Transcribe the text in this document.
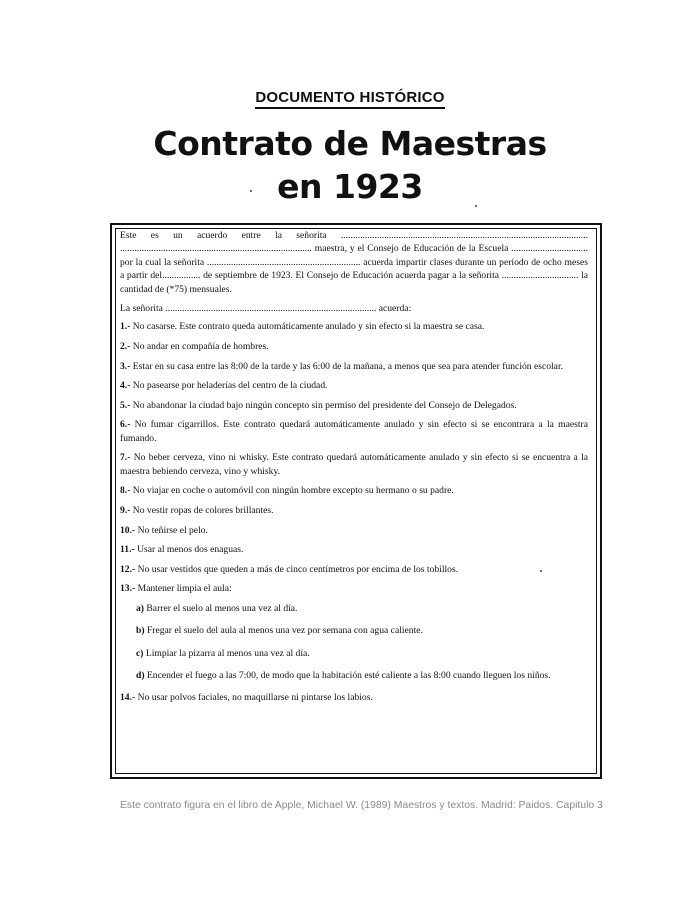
DOCUMENTO HISTÓRICO
Contrato de Maestras
en 1923

Este es un acuerdo entre la señorita ....................................................................................................... ................................................................................ maestra, y el Consejo de Educación de la Escuela ................................ por la cual la señorita ................................................................ acuerda impartir clases durante un período de ocho meses a partir del................ de septiembre de 1923. El Consejo de Educación acuerda pagar a la señorita ................................ la cantidad de (*75) mensuales.

La señorita ........................................................................................ acuerda:

1.- No casarse. Este contrato queda automáticamente anulado y sin efecto si la maestra se casa.
2.- No andar en compañía de hombres.
3.- Estar en su casa entre las 8:00 de la tarde y las 6:00 de la mañana, a menos que sea para atender función escolar.
4.- No pasearse por heladerías del centro de la ciudad.
5.- No abandonar la ciudad bajo ningún concepto sin permiso del presidente del Consejo de Delegados.
6.- No fumar cigarrillos. Este contrato quedará automáticamente anulado y sin efecto si se encontrara a la maestra fumando.
7.- No beber cerveza, vino ni whisky. Este contrato quedará automáticamente anulado y sin efecto si se encuentra a la maestra bebiendo cerveza, vino y whisky.
8.- No viajar en coche o automóvil con ningún hombre excepto su hermano o su padre.
9.- No vestir ropas de colores brillantes.
10.- No teñirse el pelo.
11.- Usar al menos dos enaguas.
12.- No usar vestidos que queden a más de cinco centímetros por encima de los tobillos.
13.- Mantener limpia el aula:
a) Barrer el suelo al menos una vez al día.
b) Fregar el suelo del aula al menos una vez por semana con agua caliente.
c) Limpiar la pizarra al menos una vez al día.
d) Encender el fuego a las 7:00, de modo que la habitación esté caliente a las 8:00 cuando lleguen los niños.
14.- No usar polvos faciales, no maquillarse ni pintarse los labios.
Este contrato figura en el libro de Apple, Michael W. (1989) Maestros y textos. Madrid: Paidos. Capitulo 3
